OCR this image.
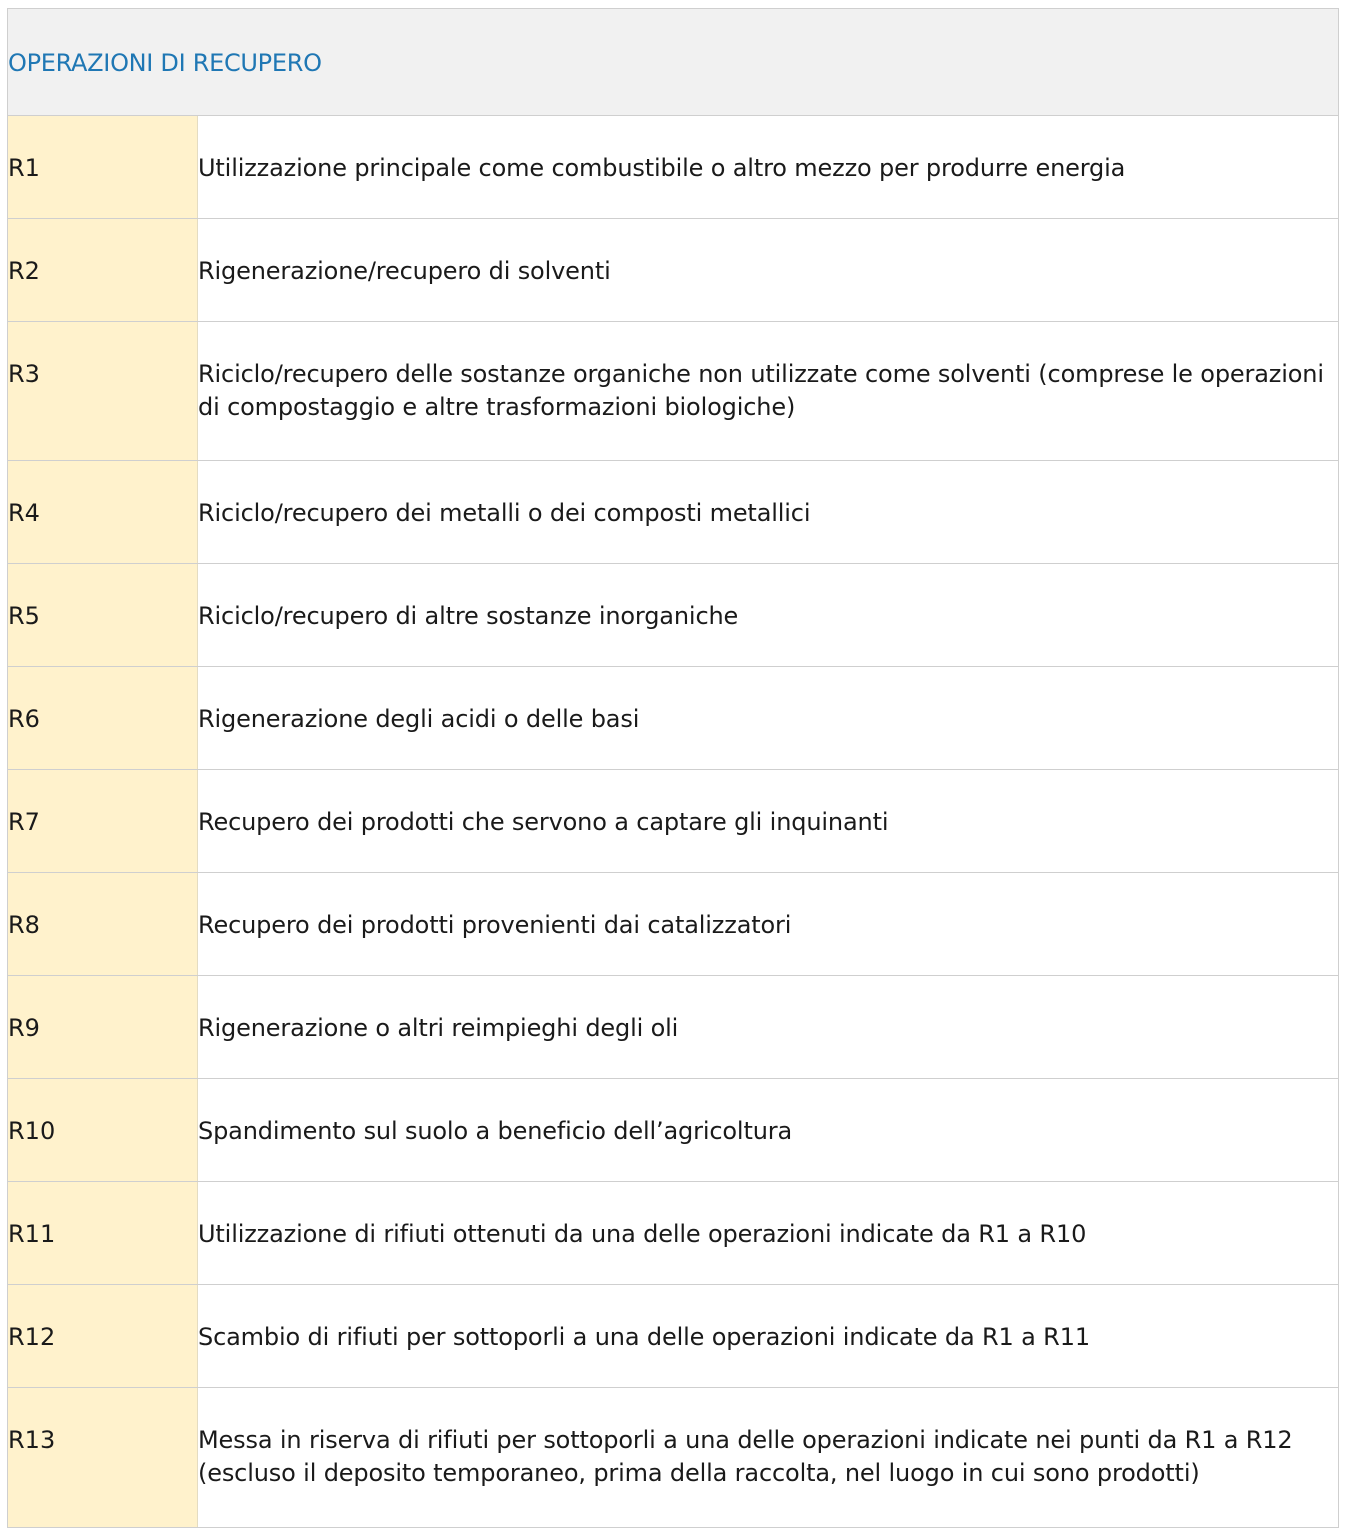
OPERAZIONI DI RECUPERO
R1	Utilizzazione principale come combustibile o altro mezzo per produrre energia
R2	Rigenerazione/recupero di solventi
R3	Riciclo/recupero delle sostanze organiche non utilizzate come solventi (comprese le operazioni
di compostaggio e altre trasformazioni biologiche)
R4	Riciclo/recupero dei metalli o dei composti metallici
R5	Riciclo/recupero di altre sostanze inorganiche
R6	Rigenerazione degli acidi o delle basi
R7	Recupero dei prodotti che servono a captare gli inquinanti
R8	Recupero dei prodotti provenienti dai catalizzatori
R9	Rigenerazione o altri reimpieghi degli oli
R10	Spandimento sul suolo a beneficio dell’agricoltura
R11	Utilizzazione di rifiuti ottenuti da una delle operazioni indicate da R1 a R10
R12	Scambio di rifiuti per sottoporli a una delle operazioni indicate da R1 a R11
R13	Messa in riserva di rifiuti per sottoporli a una delle operazioni indicate nei punti da R1 a R12
(escluso il deposito temporaneo, prima della raccolta, nel luogo in cui sono prodotti)
